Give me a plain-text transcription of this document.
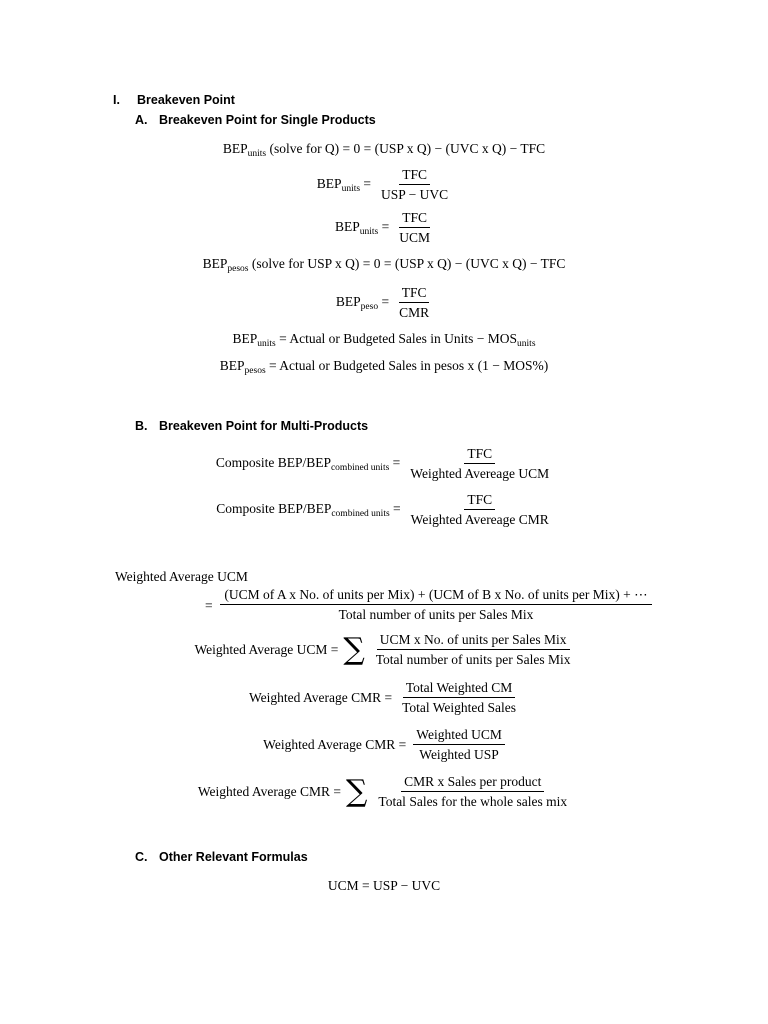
I. Breakeven Point
A. Breakeven Point for Single Products
$BEP_{units}$ (solve for Q) = 0 = (USP x Q) − (UVC x Q) − TFC
$BEP_{units} = \frac{\text{TFC}}{\text{USP − UVC}}$
$BEP_{units} = \frac{\text{TFC}}{\text{UCM}}$
$BEP_{pesos}$ (solve for USP x Q) = 0 = (USP x Q) − (UVC x Q) − TFC
$BEP_{peso} = \frac{\text{TFC}}{\text{CMR}}$
$BEP_{units}$ = Actual or Budgeted Sales in Units − $MOS_{units}$
$BEP_{pesos}$ = Actual or Budgeted Sales in pesos x (1 − MOS%)
B. Breakeven Point for Multi-Products
Composite BEP/$BEP_{combined units} = \frac{\text{TFC}}{\text{Weighted Avereage UCM}}$
Composite BEP/$BEP_{combined units} = \frac{\text{TFC}}{\text{Weighted Avereage CMR}}$
Weighted Average UCM
=
(UCM of A x No. of units per Mix) + (UCM of B x No. of units per Mix) + ⋯
Total number of units per Sales Mix
Weighted Average UCM = ∑ $\frac{\text{UCM x No. of units per Sales Mix}}{\text{Total number of units per Sales Mix}}$
Weighted Average CMR = $\frac{\text{Total Weighted CM}}{\text{Total Weighted Sales}}$
Weighted Average CMR = $\frac{\text{Weighted UCM}}{\text{Weighted USP}}$
Weighted Average CMR = ∑ $\frac{\text{CMR x Sales per product}}{\text{Total Sales for the whole sales mix}}$
C. Other Relevant Formulas
UCM = USP − UVC
